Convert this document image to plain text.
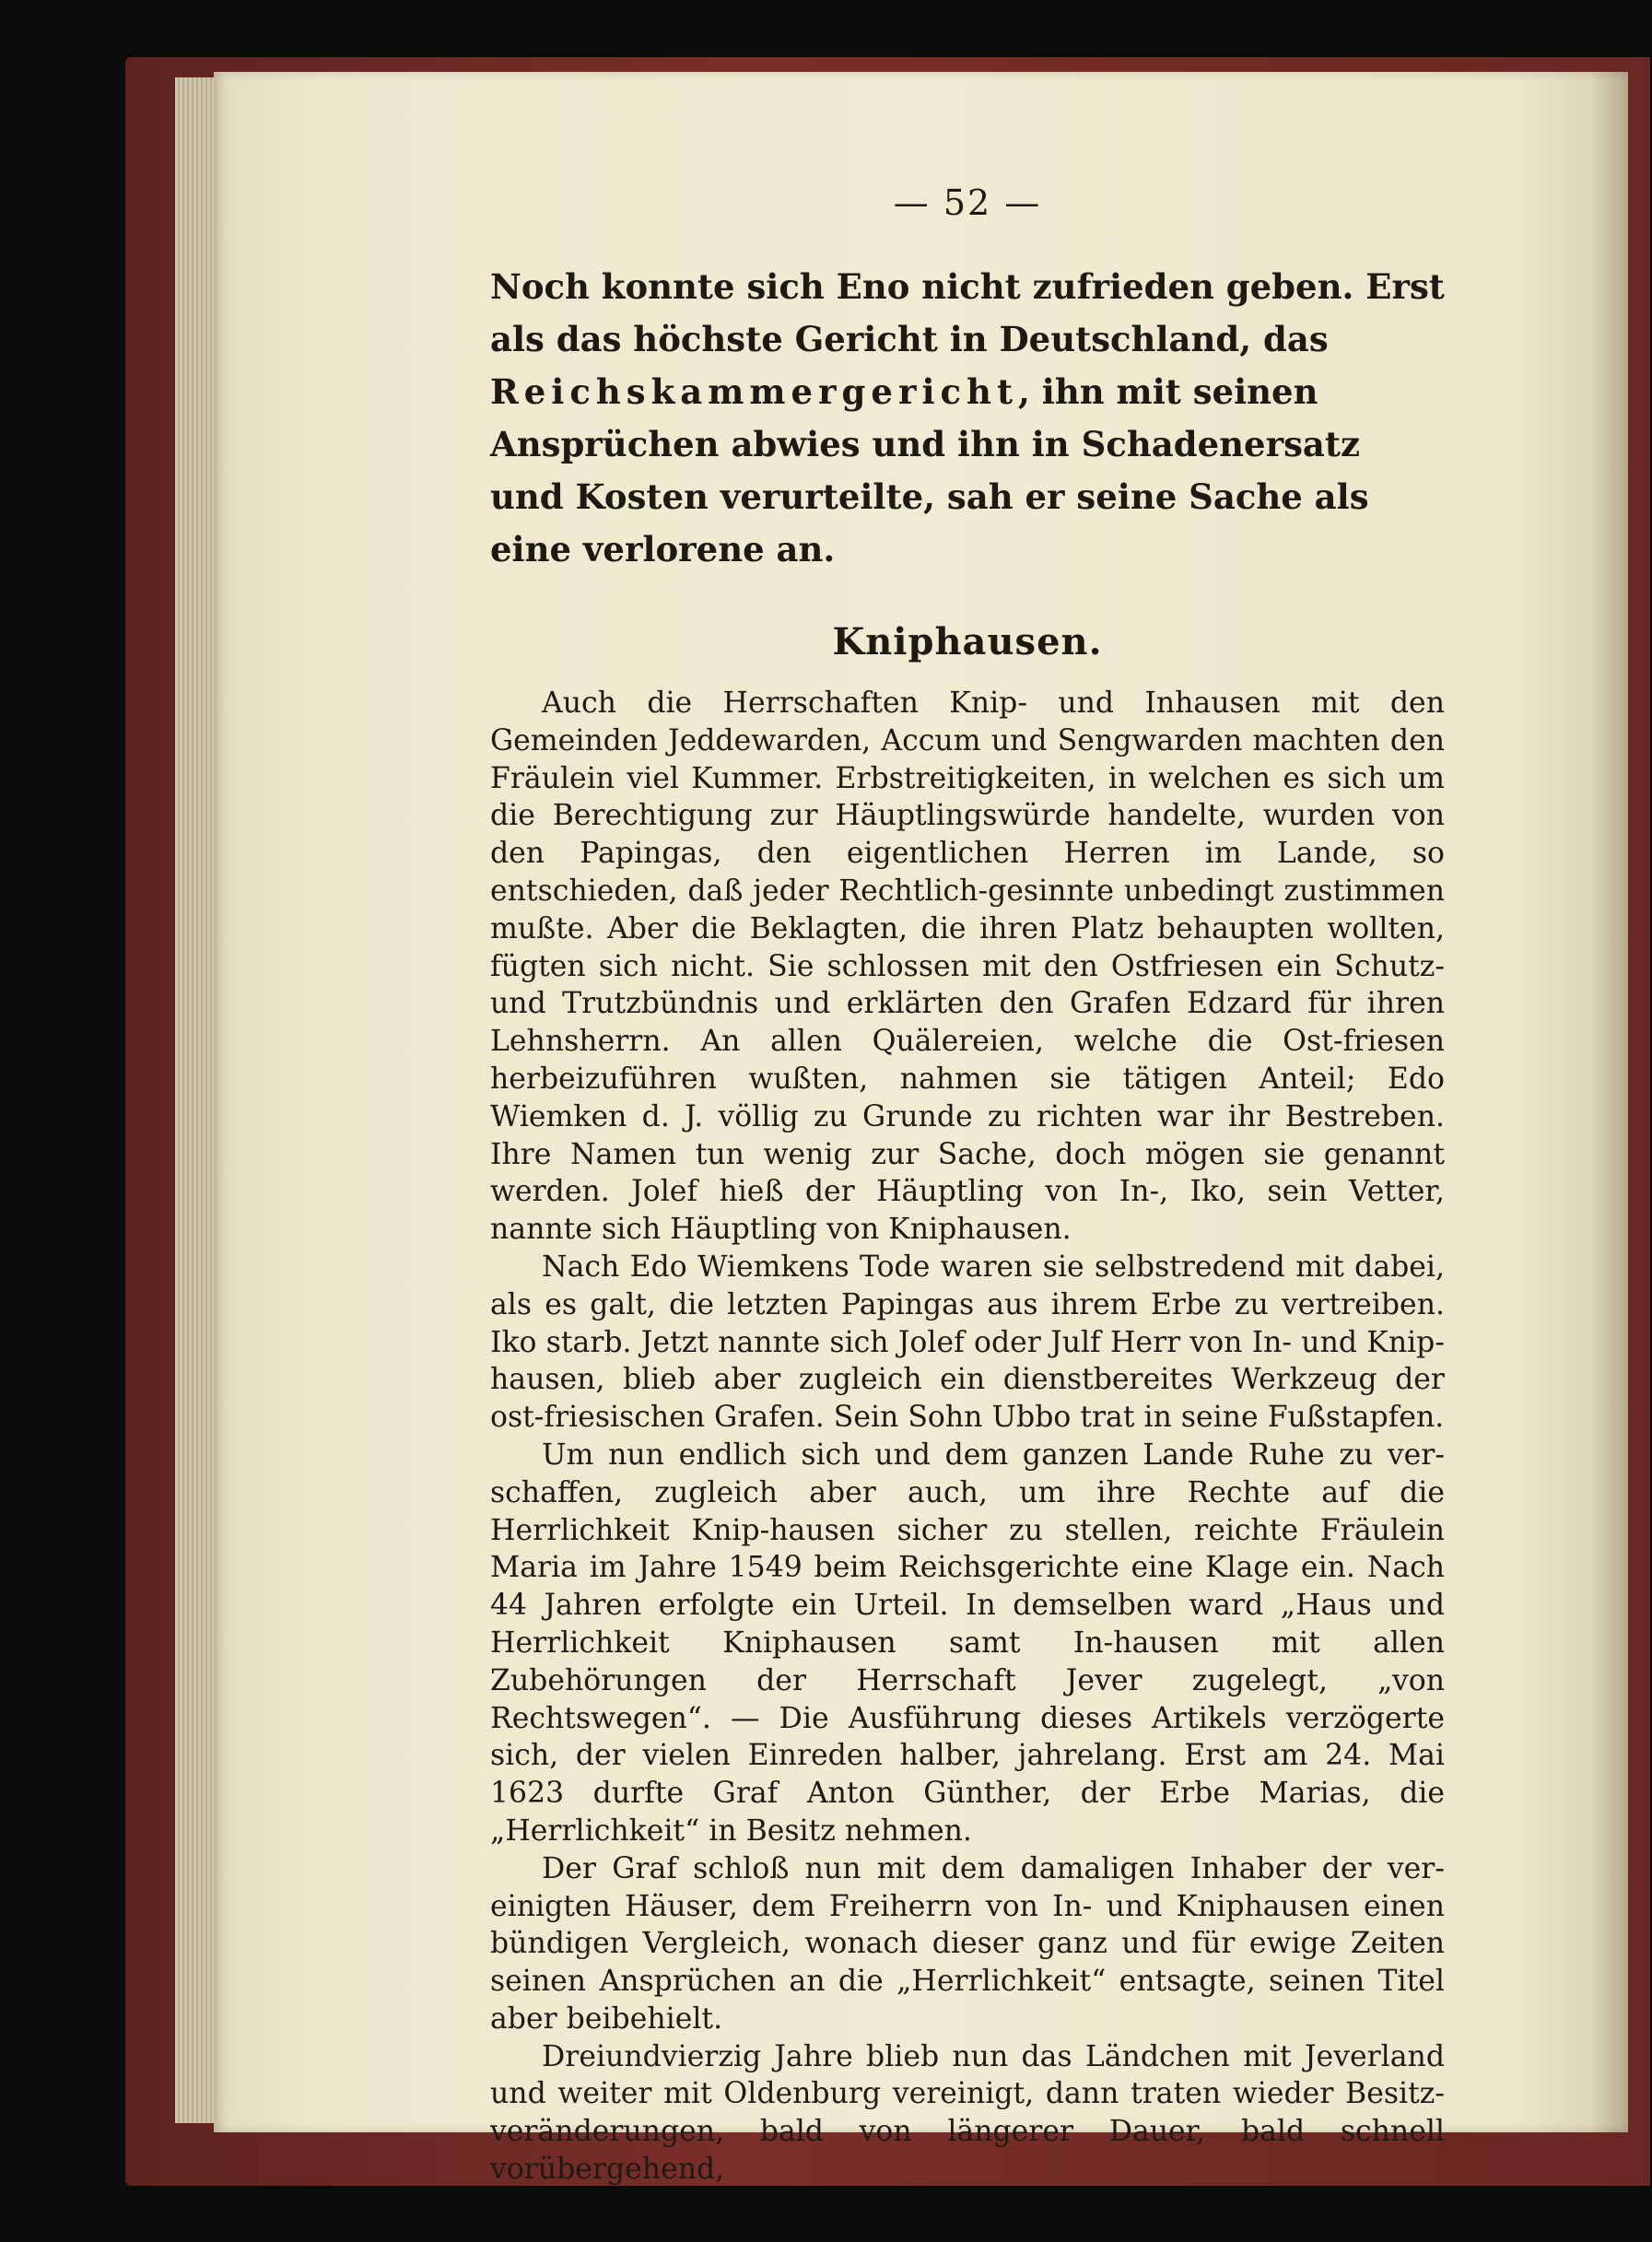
— 52 —

Noch konnte sich Eno nicht zufrieden geben. Erst als das höchste Gericht in Deutschland, das Reichskammergericht, ihn mit seinen Ansprüchen abwies und ihn in Schadenersatz und Kosten verurteilte, sah er seine Sache als eine verlorene an.

Kniphausen.

Auch die Herrschaften Knip- und Inhausen mit den Gemeinden Jeddewarden, Accum und Sengwarden machten den Fräulein viel Kummer. Erbstreitigkeiten, in welchen es sich um die Berechtigung zur Häuptlingswürde handelte, wurden von den Papingas, den eigentlichen Herren im Lande, so entschieden, daß jeder Rechtlich-gesinnte unbedingt zustimmen mußte. Aber die Beklagten, die ihren Platz behaupten wollten, fügten sich nicht. Sie schlossen mit den Ostfriesen ein Schutz- und Trutzbündnis und erklärten den Grafen Edzard für ihren Lehnsherrn. An allen Quälereien, welche die Ost-friesen herbeizuführen wußten, nahmen sie tätigen Anteil; Edo Wiemken d. J. völlig zu Grunde zu richten war ihr Bestreben. Ihre Namen tun wenig zur Sache, doch mögen sie genannt werden. Jolef hieß der Häuptling von In-, Iko, sein Vetter, nannte sich Häuptling von Kniphausen.

Nach Edo Wiemkens Tode waren sie selbstredend mit dabei, als es galt, die letzten Papingas aus ihrem Erbe zu vertreiben. Iko starb. Jetzt nannte sich Jolef oder Julf Herr von In- und Knip-hausen, blieb aber zugleich ein dienstbereites Werkzeug der ost-friesischen Grafen. Sein Sohn Ubbo trat in seine Fußstapfen.

Um nun endlich sich und dem ganzen Lande Ruhe zu ver-schaffen, zugleich aber auch, um ihre Rechte auf die Herrlichkeit Knip-hausen sicher zu stellen, reichte Fräulein Maria im Jahre 1549 beim Reichsgerichte eine Klage ein. Nach 44 Jahren erfolgte ein Urteil. In demselben ward „Haus und Herrlichkeit Kniphausen samt In-hausen mit allen Zubehörungen der Herrschaft Jever zugelegt, „von Rechtswegen“. — Die Ausführung dieses Artikels verzögerte sich, der vielen Einreden halber, jahrelang. Erst am 24. Mai 1623 durfte Graf Anton Günther, der Erbe Marias, die „Herrlichkeit“ in Besitz nehmen.

Der Graf schloß nun mit dem damaligen Inhaber der ver-einigten Häuser, dem Freiherrn von In- und Kniphausen einen bündigen Vergleich, wonach dieser ganz und für ewige Zeiten seinen Ansprüchen an die „Herrlichkeit“ entsagte, seinen Titel aber beibehielt.

Dreiundvierzig Jahre blieb nun das Ländchen mit Jeverland und weiter mit Oldenburg vereinigt, dann traten wieder Besitz-veränderungen, bald von längerer Dauer, bald schnell vorübergehend,
